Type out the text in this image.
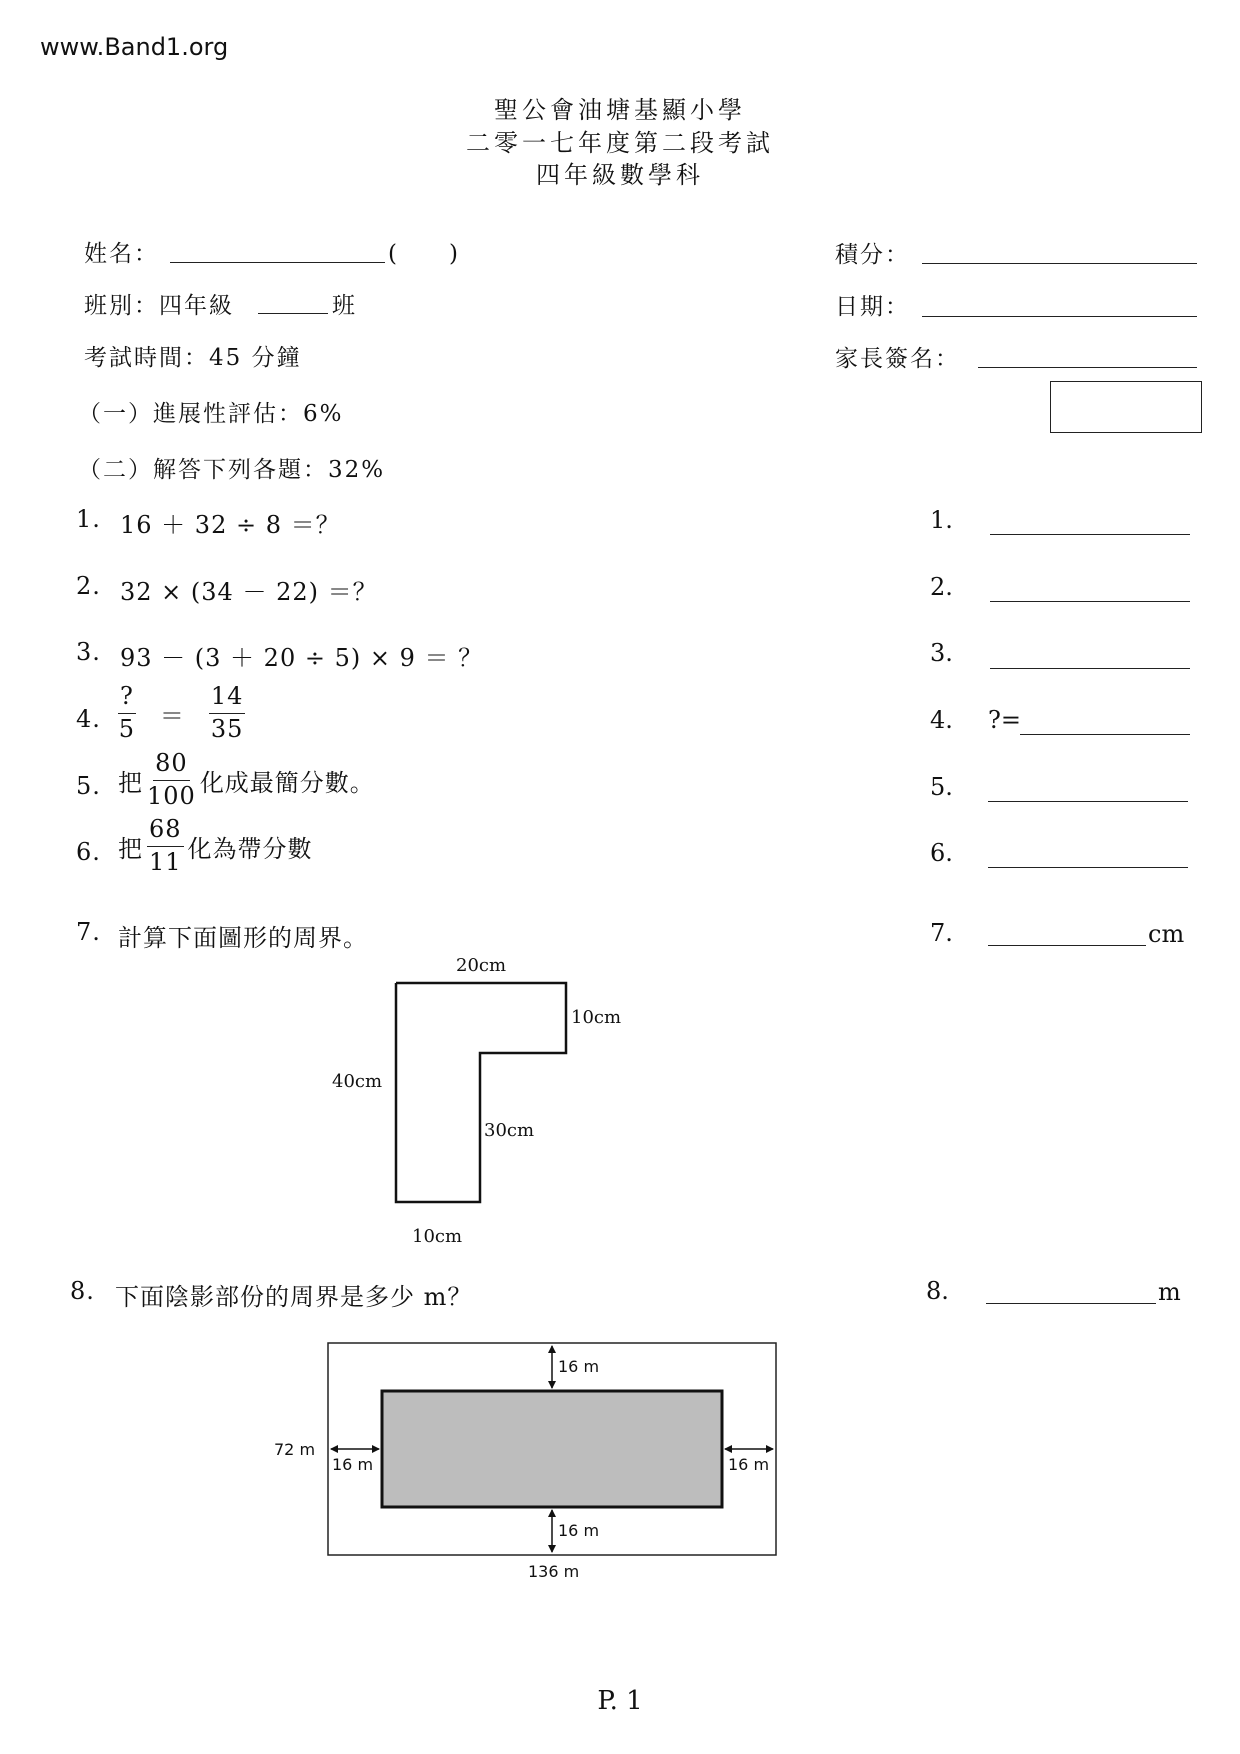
www.Band1.org
聖公會油塘基顯小學
二零一七年度第二段考試
四年級數學科
姓名：	(　　)
班別：四年級	班
考試時間：45 分鐘
積分：
日期：
家長簽名：
（一）進展性評估：6%
（二）解答下列各題：32%
1. 16 ＋ 32 ÷ 8 ＝？
2. 32 × (34 － 22) ＝？
3. 93 － (3 ＋ 20 ÷ 5) × 9 ＝ ？
4. $\frac{?}{5} = \frac{14}{35}$
5. 把 $\frac{80}{100}$ 化成最簡分數。
6. 把 $\frac{68}{11}$ 化為帶分數
7. 計算下面圖形的周界。
8. 下面陰影部份的周界是多少 m？
1.
2.
3.
4. ?=
5.
6.
7.	cm
8.	m
20cm
10cm
40cm
30cm
10cm
16 m
16 m	16 m
16 m
72 m
136 m
P. 1
